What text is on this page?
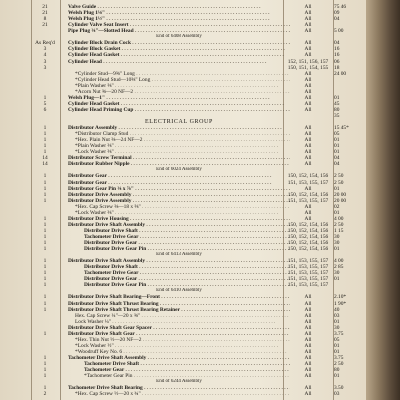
21	Valve Guide . . .	All	75 46
21	Welsh Plug 1⅛" . . .	All	09
8	Welsh Plug 1½" . . .	All	04
21	Cylinder Valve Seat Insert . . .	All
Pipe Plug ⅛"—Slotted Head . . .	All	5 00
End of 6408 Assembly
As Req'd	Cylinder Block Drain Cock . . .	All	04
3	Cylinder Block Gasket . . .	All	16
4	Cylinder Head Gasket . . .	All	16
3	Cylinder Head . . .	152, 151, 156, 157	06
3	150, 151, 154, 155	18
*Cylinder Stud—9⅝" Long . . .	All	24 00
*Cylinder Head Stud—10⅝" Long . . .	All
*Plain Washer ⅝" . . .	All
*Acorn Nut ⅝—20 NF—2 . . .	All
1	Welsh Plug—1" . . .	All	01
5	Cylinder Head Gasket . . .	All	45
6	Cylinder Head Priming Cup . . .	All	80
35
ELECTRICAL GROUP
1	Distributor Assembly . . .	All	15 45*
1	*Distributor Clamp Stud . . .	All	05
1	*Hex. Plain Nut ⅜—24 NF—2 . . .	All	01
1	*Plain Washer ⅜" . . .	All	01
1	*Lock Washer ⅜" . . .	All	01
14	Distributor Screw Terminal . . .	All	04
14	Distributor Rubber Nipple . . .	All	04
End of 6024 Assembly
1	Distributor Gear . . .	150, 152, 154, 156	2 50
1	Distributor Gear . . .	151, 153, 155, 157	2 50
1	Distributor Gear Pin ⅛ x ⅞" . . .	All	01
1	Distributor Drive Assembly . . .	150, 152, 154, 156	20 00
1	Distributor Drive Assembly . . .	151, 153, 155, 157	20 00
*Hex. Cap Screw ⅜—18 x ⅝" . . .	All	02
*Lock Washer ⅜" . . .	All	01
1	Distributor Drive Housing . . .	All	4 00
1	Distributor Drive Shaft Assembly . . .	150, 152, 154, 156	2 50
1	Distributor Drive Shaft . . .	150, 152, 154, 156	1 15
1	Tachometer Drive Gear . . .	150, 152, 154, 156	30
1	Distributor Drive Gear . . .	150, 152, 154, 156	30
1	Distributor Drive Gear Pin . . .	150, 152, 154, 156	01
End of 6413 Assembly
1	Distributor Drive Shaft Assembly . . .	151, 153, 155, 157	4 00
1	Distributor Drive Shaft . . .	151, 153, 155, 157	2 85
1	Tachometer Drive Gear . . .	151, 153, 155, 157	30
1	Distributor Drive Gear . . .	151, 153, 155, 157	01
1	Distributor Drive Gear Pin . . .	151, 153, 155, 157
End of 6410 Assembly
1	Distributor Drive Shaft Bearing—Front . . .	All	2.10*
1	Distributor Drive Shaft Thrust Bearing . . .	All	1 90*
1	Distributor Drive Shaft Thrust Bearing Retainer . . .	All	40
Hex. Cap Screw ¼"—20 x ⅝" . . .	All	03
Lock Washer ¼" . . .	All	01
Distributor Drive Shaft Gear Spacer . . .	All	30
1	Distributor Drive Shaft Gear . . .	All	3.75
*Hex. Thin Nut ½—20 NF—2 . . .	All	05
*Lock Washer ½" . . .	All	01
*Woodruff Key No. 6 . . .	All	01
1	Tachometer Drive Shaft Assembly . . .	All	3.75
1	Tachometer Drive Shaft . . .	All	2 50
1	Tachometer Gear . . .	All	80
1	*Tachometer Gear Pin . . .	All	01
End of 6244 Assembly
1	Tachometer Drive Shaft Bearing . . .	All	3.50
2	*Hex. Cap Screw ½—20 x ¾" . . .	All	03
